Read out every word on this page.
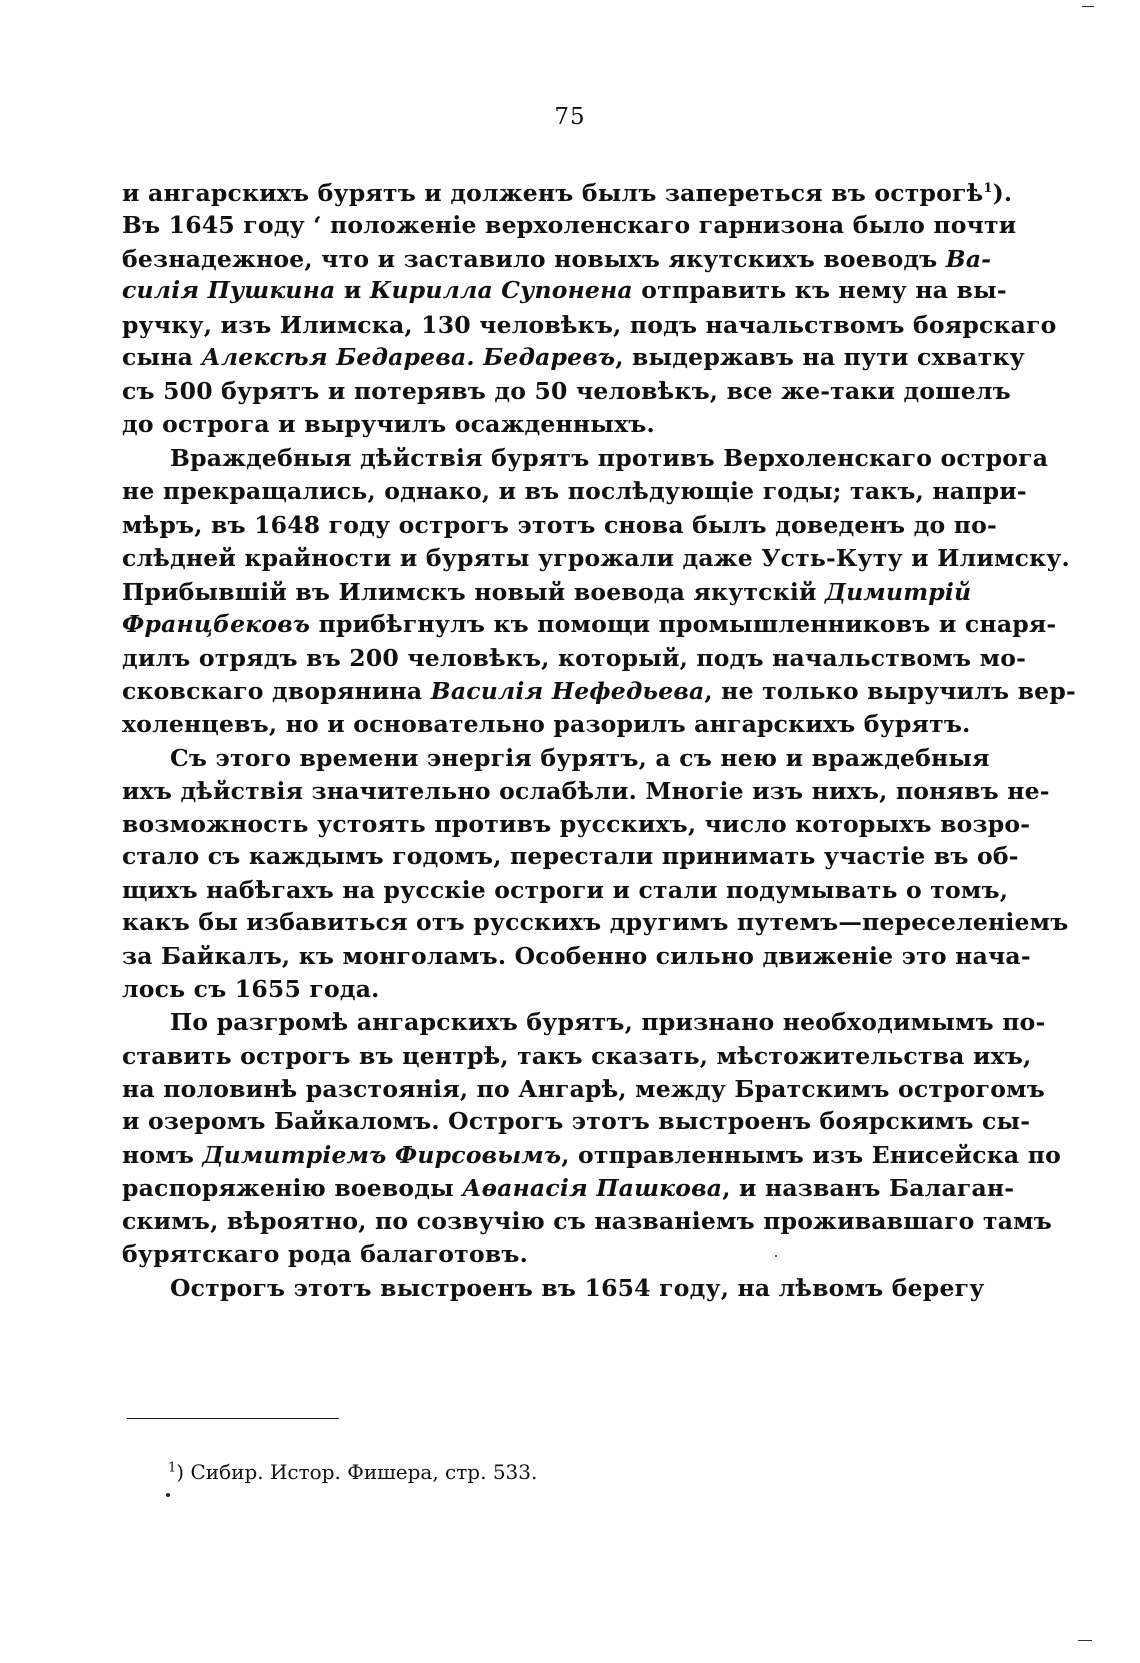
75
и ангарскихъ бурятъ и долженъ былъ запереться въ острогѣ$^1$).
Въ 1645 году ‘ положеніе верхоленскаго гарнизона было почти
безнадежное, что и заставило новыхъ якутскихъ воеводъ Ва-
силія Пушкина и Кирилла Супонена отправить къ нему на вы-
ручку, изъ Илимска, 130 человѣкъ, подъ начальствомъ боярскаго
сына Алексѣя Бедарева. Бедаревъ, выдержавъ на пути схватку
съ 500 бурятъ и потерявъ до 50 человѣкъ, все же-таки дошелъ
до острога и выручилъ осажденныхъ.
Враждебныя дѣйствія бурятъ противъ Верхоленскаго острога
не прекращались, однако, и въ послѣдующіе годы; такъ, напри-
мѣръ, въ 1648 году острогъ этотъ снова былъ доведенъ до по-
слѣдней крайности и буряты угрожали даже Усть-Куту и Илимску.
Прибывшій въ Илимскъ новый воевода якутскій Димитрій
Францбековъ прибѣгнулъ къ помощи промышленниковъ и снаря-
дилъ отрядъ въ 200 человѣкъ, который, подъ начальствомъ мо-
сковскаго дворянина Василія Нефедьева, не только выручилъ вер-
холенцевъ, но и основательно разорилъ ангарскихъ бурятъ.
Съ этого времени энергія бурятъ, а съ нею и враждебныя
ихъ дѣйствія значительно ослабѣли. Многіе изъ нихъ, понявъ не-
возможность устоять противъ русскихъ, число которыхъ возро-
стало съ каждымъ годомъ, перестали принимать участіе въ об-
щихъ набѣгахъ на русскіе остроги и стали подумывать о томъ,
какъ бы избавиться отъ русскихъ другимъ путемъ—переселеніемъ
за Байкалъ, къ монголамъ. Особенно сильно движеніе это нача-
лось съ 1655 года.
По разгромѣ ангарскихъ бурятъ, признано необходимымъ по-
ставить острогъ въ центрѣ, такъ сказать, мѣстожительства ихъ,
на половинѣ разстоянія, по Ангарѣ, между Братскимъ острогомъ
и озеромъ Байкаломъ. Острогъ этотъ выстроенъ боярскимъ сы-
номъ Димитріемъ Фирсовымъ, отправленнымъ изъ Енисейска по
распоряженію воеводы Аѳанасія Пашкова, и названъ Балаган-
скимъ, вѣроятно, по созвучію съ названіемъ проживавшаго тамъ
бурятскаго рода балаготовъ.
Острогъ этотъ выстроенъ въ 1654 году, на лѣвомъ берегу
$^1$) Сибир. Истор. Фишера, стр. 533.
